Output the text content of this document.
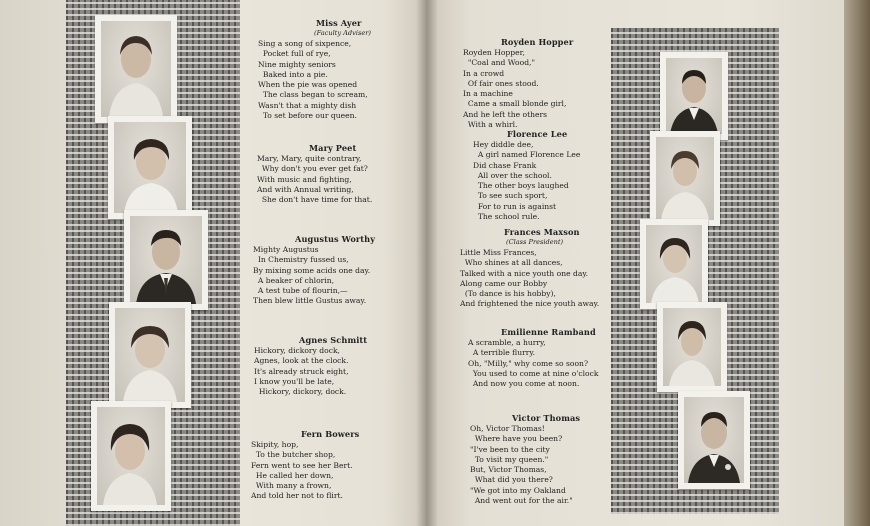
Miss Ayer
(Faculty Adviser)
Sing a song of sixpence,
Pocket full of rye,
Nine mighty seniors
Baked into a pie.
When the pie was opened
The class began to scream,
Wasn't that a mighty dish
To set before our queen.
Mary Peet
Mary, Mary, quite contrary,
Why don't you ever get fat?
With music and fighting,
And with Annual writing,
She don't have time for that.
Augustus Worthy
Mighty Augustus
In Chemistry fussed us,
By mixing some acids one day.
A beaker of chlorin,
A test tube of flourin,—
Then blew little Gustus away.
Agnes Schmitt
Hickory, dickory dock,
Agnes, look at the clock.
It's already struck eight,
I know you'll be late,
Hickory, dickory, dock.
Fern Bowers
Skipity, hop,
To the butcher shop,
Fern went to see her Bert.
He called her down,
With many a frown,
And told her not to flirt.
Royden Hopper
Royden Hopper,
"Coal and Wood,"
In a crowd
Of fair ones stood.
In a machine
Came a small blonde girl,
And he left the others
With a whirl.
Florence Lee
Hey diddle dee,
A girl named Florence Lee
Did chase Frank
All over the school.
The other boys laughed
To see such sport,
For to run is against
The school rule.
Frances Maxson
(Class President)
Little Miss Frances,
Who shines at all dances,
Talked with a nice youth one day.
Along came our Bobby
(To dance is his hobby),
And frightened the nice youth away.
Emilienne Ramband
A scramble, a hurry,
A terrible flurry.
Oh, "Milly," why come so soon?
You used to come at nine o'clock
And now you come at noon.
Victor Thomas
Oh, Victor Thomas!
Where have you been?
"I've been to the city
To visit my queen."
But, Victor Thomas,
What did you there?
"We got into my Oakland
And went out for the air."
